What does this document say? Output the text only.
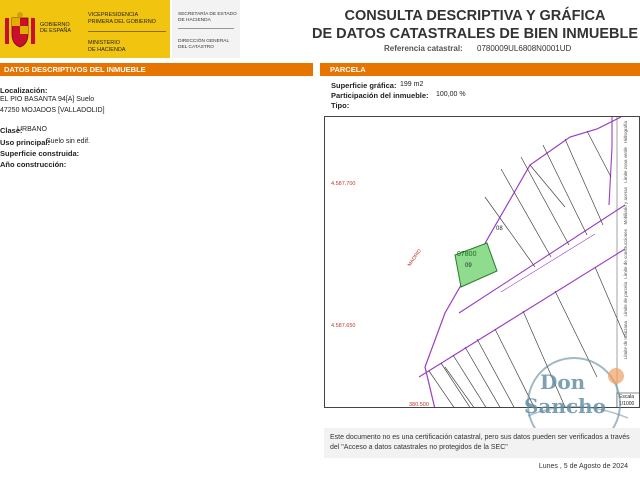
GOBIERNO
DE ESPAÑA
VICEPRESIDENCIA
PRIMERA DEL GOBIERNO
MINISTERIO
DE HACIENDA
SECRETARÍA DE ESTADO
DE HACIENDA
DIRECCIÓN GENERAL
DEL CATASTRO
CONSULTA DESCRIPTIVA Y GRÁFICA
DE DATOS CATASTRALES DE BIEN INMUEBLE
Referencia catastral: 0780009UL6808N0001UD
DATOS DESCRIPTIVOS DEL INMUEBLE	PARCELA
Localización:
EL PIO BASANTA 94[A] Suelo
47250 MOJADOS [VALLADOLID]
Clase:
URBANO
Uso principal:
Suelo sin edif.
Superficie construida:
Año construcción:
Superficie gráfica: 199 m2
Participación del inmueble: 100,00 %
Tipo:
4.587.700
4.587.650
380.500
07800
09
08
MADRID
Escala
1/1000
Hidrografía
Límite zona verde
Mobiliario y aceras
Límite de construcciones
Límite de parcela
Límite de manzana
Don
Sancho
Este documento no es una certificación catastral, pero sus datos pueden ser verificados a través del "Acceso a datos catastrales no protegidos de la SEC"
Lunes , 5 de Agosto de 2024
